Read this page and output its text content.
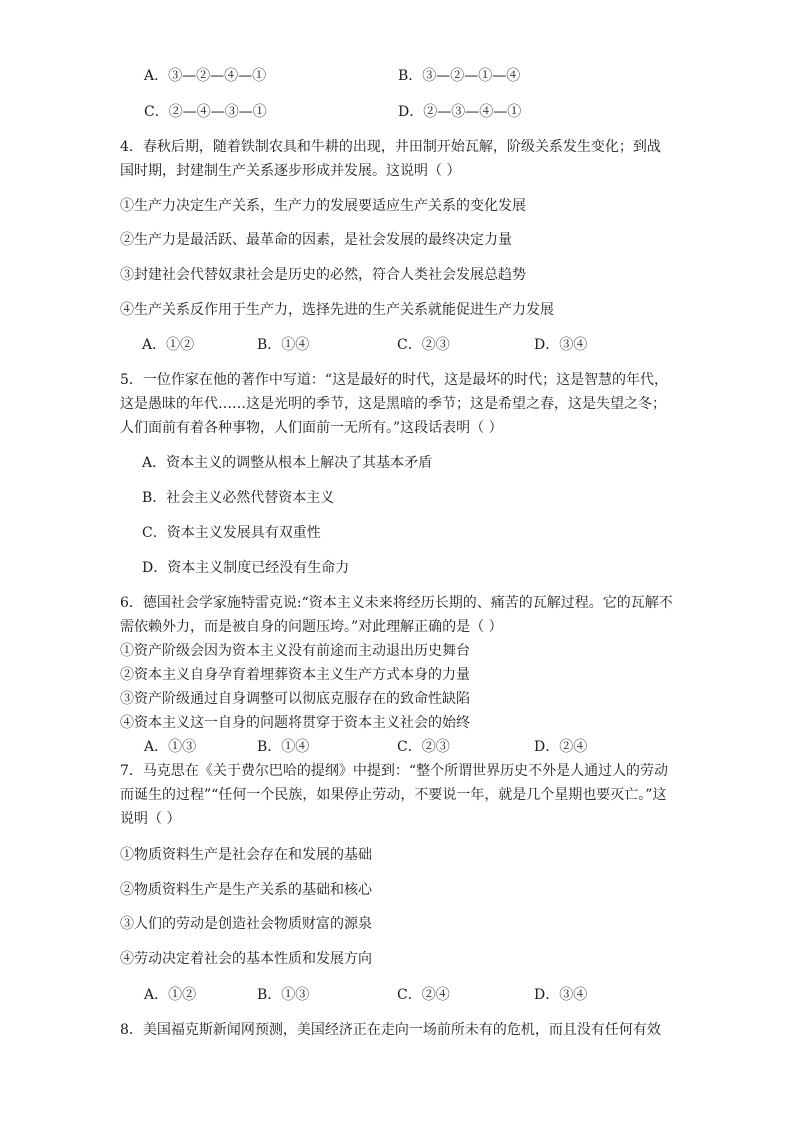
A．③—②—④—①	B．③—②—①—④
C．②—④—③—①	D．②—③—④—①
4．春秋后期，随着铁制农具和牛耕的出现，井田制开始瓦解，阶级关系发生变化；到战
国时期，封建制生产关系逐步形成并发展。这说明（ ）
①生产力决定生产关系，生产力的发展要适应生产关系的变化发展
②生产力是最活跃、最革命的因素，是社会发展的最终决定力量
③封建社会代替奴隶社会是历史的必然，符合人类社会发展总趋势
④生产关系反作用于生产力，选择先进的生产关系就能促进生产力发展
A．①②	B．①④	C．②③	D．③④
5．一位作家在他的著作中写道：“这是最好的时代，这是最坏的时代；这是智慧的年代，
这是愚昧的年代……这是光明的季节，这是黑暗的季节；这是希望之春，这是失望之冬；
人们面前有着各种事物，人们面前一无所有。”这段话表明（ ）
A．资本主义的调整从根本上解决了其基本矛盾
B．社会主义必然代替资本主义
C．资本主义发展具有双重性
D．资本主义制度已经没有生命力
6．德国社会学家施特雷克说:“资本主义未来将经历长期的、痛苦的瓦解过程。它的瓦解不
需依赖外力，而是被自身的问题压垮。”对此理解正确的是（ ）
①资产阶级会因为资本主义没有前途而主动退出历史舞台
②资本主义自身孕育着埋葬资本主义生产方式本身的力量
③资产阶级通过自身调整可以彻底克服存在的致命性缺陷
④资本主义这一自身的问题将贯穿于资本主义社会的始终
A．①③	B．①④	C．②③	D．②④
7．马克思在《关于费尔巴哈的提纲》中提到：“整个所谓世界历史不外是人通过人的劳动
而诞生的过程”“任何一个民族，如果停止劳动，不要说一年，就是几个星期也要灭亡。”这
说明（ ）
①物质资料生产是社会存在和发展的基础
②物质资料生产是生产关系的基础和核心
③人们的劳动是创造社会物质财富的源泉
④劳动决定着社会的基本性质和发展方向
A．①②	B．①③	C．②④	D．③④
8．美国福克斯新闻网预测，美国经济正在走向一场前所未有的危机，而且没有任何有效
